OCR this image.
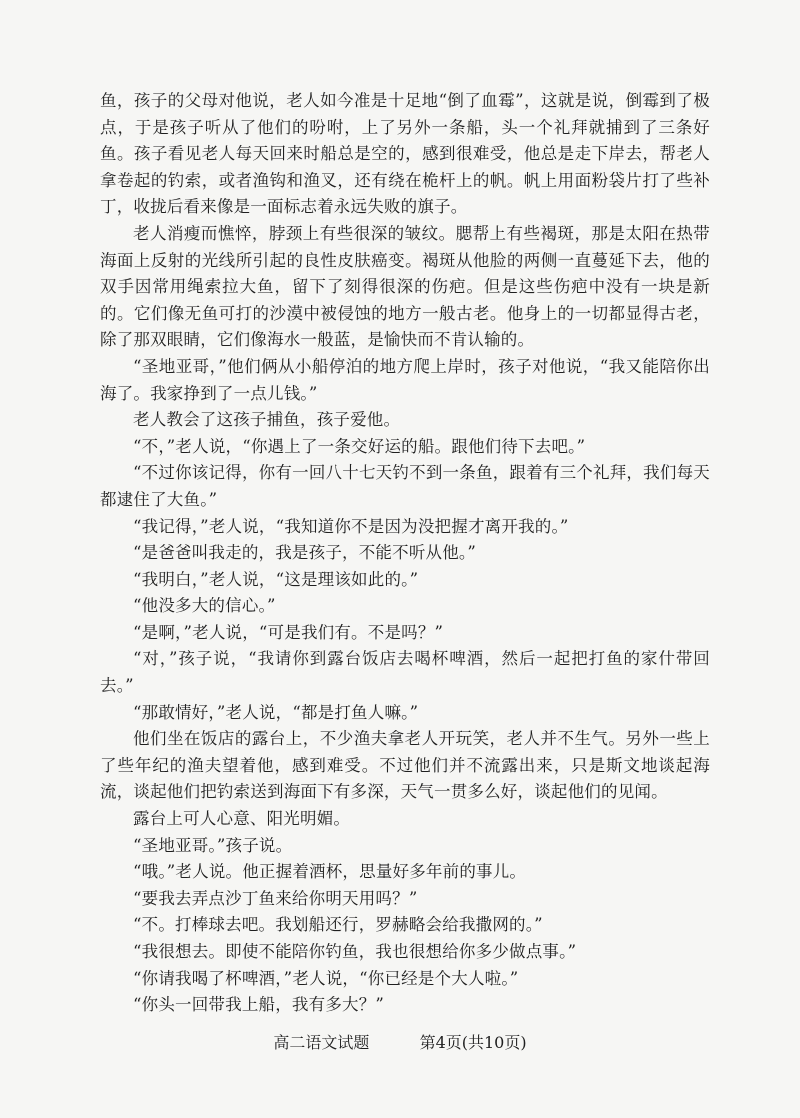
鱼，孩子的父母对他说，老人如今准是十足地“倒了血霉”，这就是说，倒霉到了极点，于是孩子听从了他们的吩咐，上了另外一条船，头一个礼拜就捕到了三条好鱼。孩子看见老人每天回来时船总是空的，感到很难受，他总是走下岸去，帮老人拿卷起的钓索，或者渔钩和渔叉，还有绕在桅杆上的帆。帆上用面粉袋片打了些补丁，收拢后看来像是一面标志着永远失败的旗子。

老人消瘦而憔悴，脖颈上有些很深的皱纹。腮帮上有些褐斑，那是太阳在热带海面上反射的光线所引起的良性皮肤癌变。褐斑从他脸的两侧一直蔓延下去，他的双手因常用绳索拉大鱼，留下了刻得很深的伤疤。但是这些伤疤中没有一块是新的。它们像无鱼可打的沙漠中被侵蚀的地方一般古老。他身上的一切都显得古老，除了那双眼睛，它们像海水一般蓝，是愉快而不肯认输的。

“圣地亚哥，”他们俩从小船停泊的地方爬上岸时，孩子对他说，“我又能陪你出海了。我家挣到了一点儿钱。”

老人教会了这孩子捕鱼，孩子爱他。

“不，”老人说，“你遇上了一条交好运的船。跟他们待下去吧。”

“不过你该记得，你有一回八十七天钓不到一条鱼，跟着有三个礼拜，我们每天都逮住了大鱼。”

“我记得，”老人说，“我知道你不是因为没把握才离开我的。”

“是爸爸叫我走的，我是孩子，不能不听从他。”

“我明白，”老人说，“这是理该如此的。”

“他没多大的信心。”

“是啊，”老人说，“可是我们有。不是吗？”

“对，”孩子说，“我请你到露台饭店去喝杯啤酒，然后一起把打鱼的家什带回去。”

“那敢情好，”老人说，“都是打鱼人嘛。”

他们坐在饭店的露台上，不少渔夫拿老人开玩笑，老人并不生气。另外一些上了些年纪的渔夫望着他，感到难受。不过他们并不流露出来，只是斯文地谈起海流，谈起他们把钓索送到海面下有多深，天气一贯多么好，谈起他们的见闻。

露台上可人心意、阳光明媚。

“圣地亚哥。”孩子说。

“哦。”老人说。他正握着酒杯，思量好多年前的事儿。

“要我去弄点沙丁鱼来给你明天用吗？”

“不。打棒球去吧。我划船还行，罗赫略会给我撒网的。”

“我很想去。即使不能陪你钓鱼，我也很想给你多少做点事。”

“你请我喝了杯啤酒，”老人说，“你已经是个大人啦。”

“你头一回带我上船，我有多大？”

高二语文试题	第4页(共10页)
